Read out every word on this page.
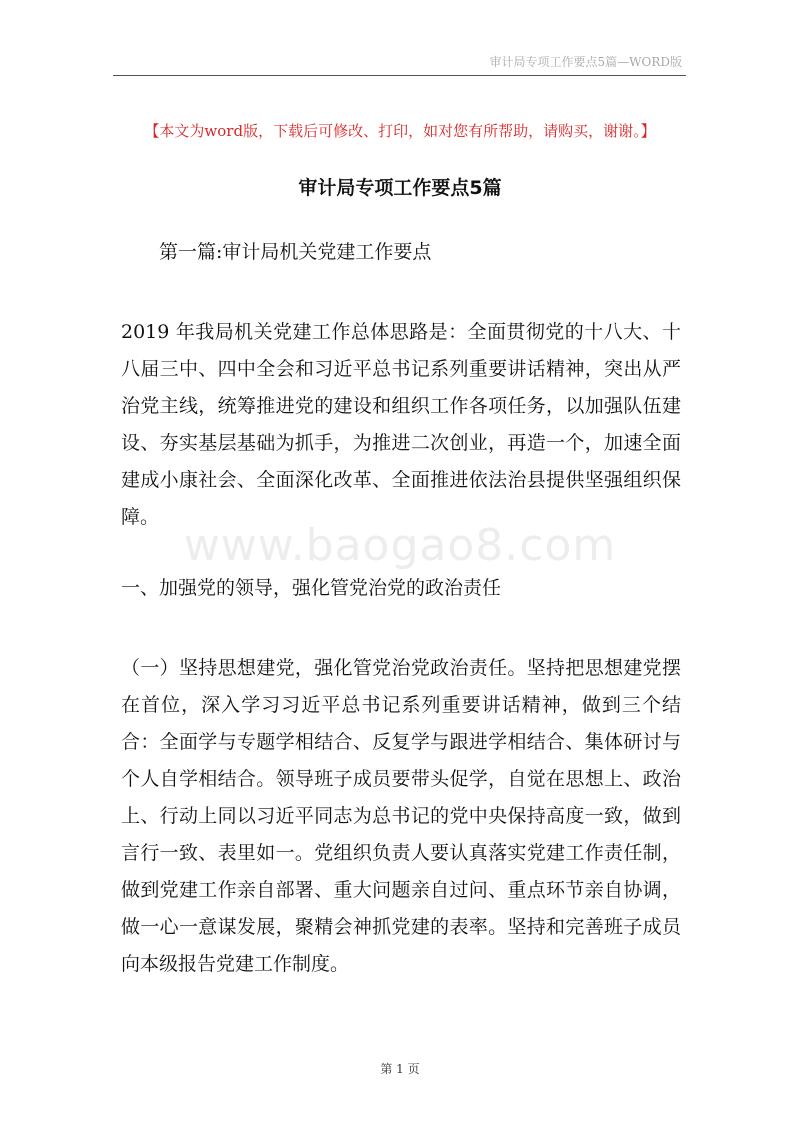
审计局专项工作要点5篇—WORD版
【本文为word版，下载后可修改、打印，如对您有所帮助，请购买，谢谢。】
审计局专项工作要点5篇
第一篇:审计局机关党建工作要点

2019 年我局机关党建工作总体思路是：全面贯彻党的十八大、十八届三中、四中全会和习近平总书记系列重要讲话精神，突出从严治党主线，统筹推进党的建设和组织工作各项任务，以加强队伍建设、夯实基层基础为抓手，为推进二次创业，再造一个，加速全面建成小康社会、全面深化改革、全面推进依法治县提供坚强组织保障。

www.baogao8.com
一、加强党的领导，强化管党治党的政治责任

（一）坚持思想建党，强化管党治党政治责任。坚持把思想建党摆在首位，深入学习习近平总书记系列重要讲话精神，做到三个结合：全面学与专题学相结合、反复学与跟进学相结合、集体研讨与个人自学相结合。领导班子成员要带头促学，自觉在思想上、政治上、行动上同以习近平同志为总书记的党中央保持高度一致，做到言行一致、表里如一。党组织负责人要认真落实党建工作责任制，做到党建工作亲自部署、重大问题亲自过问、重点环节亲自协调，做一心一意谋发展，聚精会神抓党建的表率。坚持和完善班子成员向本级报告党建工作制度。

第 1 页
